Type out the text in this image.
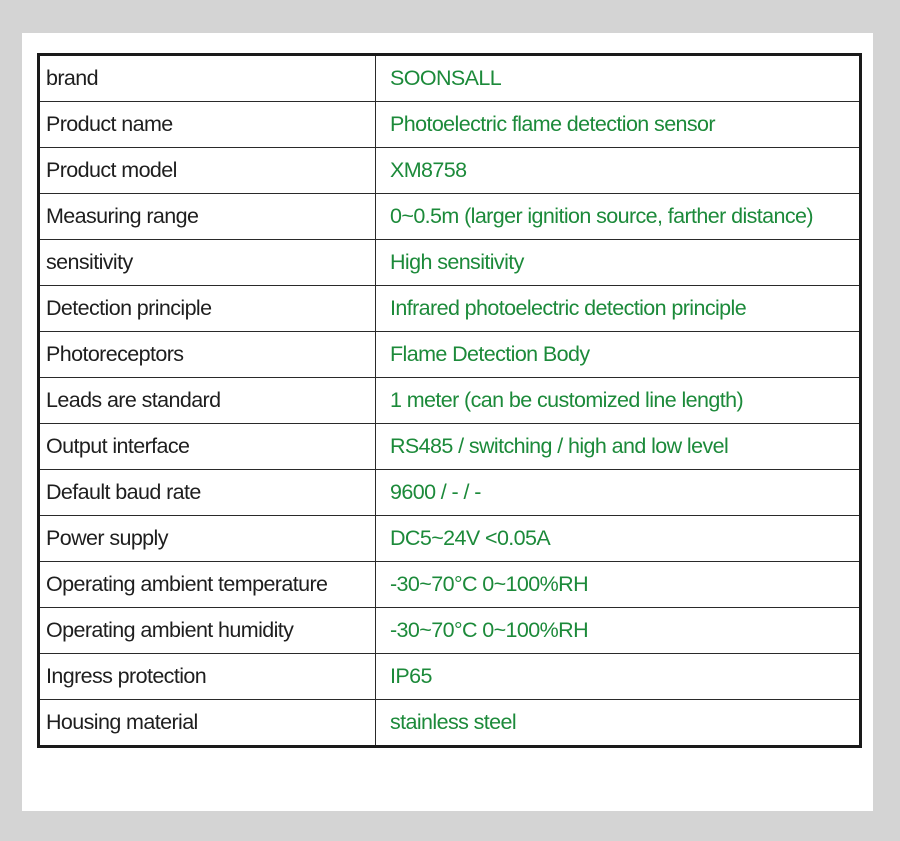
brand	SOONSALL
Product name	Photoelectric flame detection sensor
Product model	XM8758
Measuring range	0~0.5m (larger ignition source, farther distance)
sensitivity	High sensitivity
Detection principle	Infrared photoelectric detection principle
Photoreceptors	Flame Detection Body
Leads are standard	1 meter (can be customized line length)
Output interface	RS485 / switching / high and low level
Default baud rate	9600 / - / -
Power supply	DC5~24V <0.05A
Operating ambient temperature	-30~70°C 0~100%RH
Operating ambient humidity	-30~70°C 0~100%RH
Ingress protection	IP65
Housing material	stainless steel
